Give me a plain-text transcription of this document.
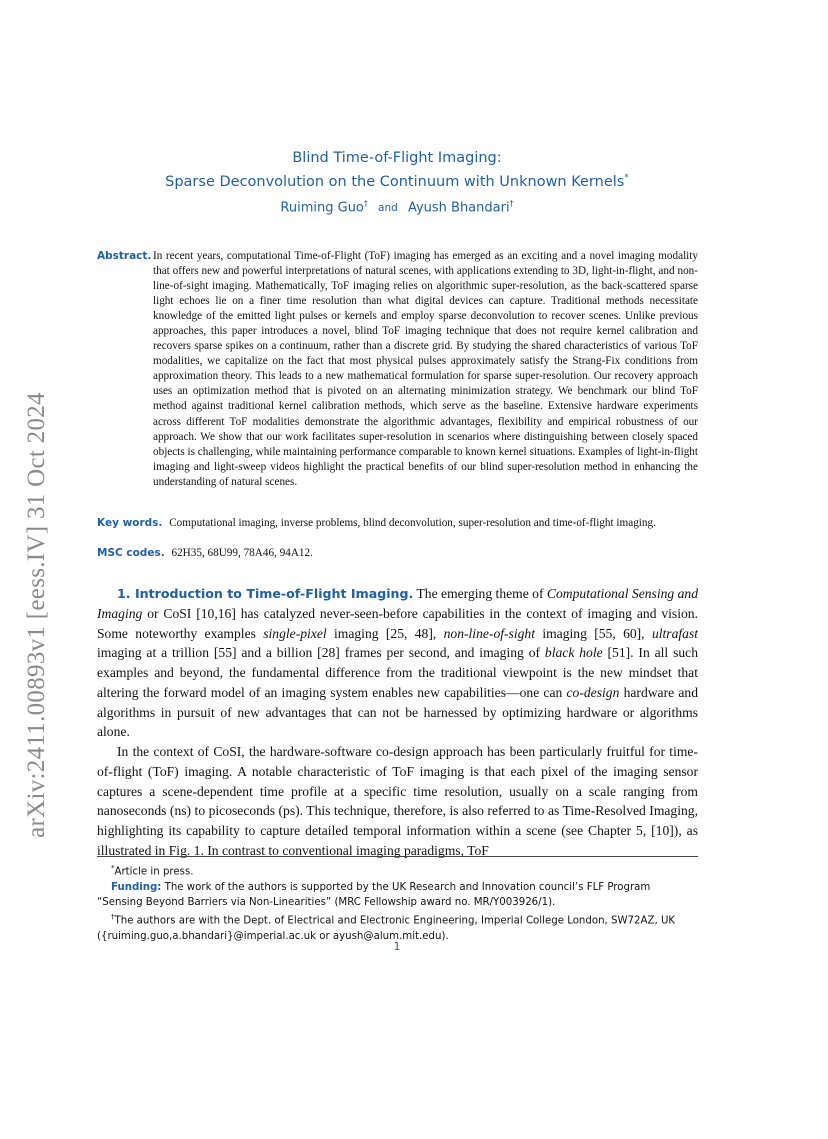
arXiv:2411.00893v1 [eess.IV] 31 Oct 2024
Blind Time-of-Flight Imaging:
Sparse Deconvolution on the Continuum with Unknown Kernels*
Ruiming Guo† and Ayush Bhandari†
Abstract. In recent years, computational Time-of-Flight (ToF) imaging has emerged as an exciting and a novel imaging modality that offers new and powerful interpretations of natural scenes, with applications extending to 3D, light-in-flight, and non-line-of-sight imaging. Mathematically, ToF imaging relies on algorithmic super-resolution, as the back-scattered sparse light echoes lie on a finer time resolution than what digital devices can capture. Traditional methods necessitate knowledge of the emitted light pulses or kernels and employ sparse deconvolution to recover scenes. Unlike previous approaches, this paper introduces a novel, blind ToF imaging technique that does not require kernel calibration and recovers sparse spikes on a continuum, rather than a discrete grid. By studying the shared characteristics of various ToF modalities, we capitalize on the fact that most physical pulses approximately satisfy the Strang-Fix conditions from approximation theory. This leads to a new mathematical formulation for sparse super-resolution. Our recovery approach uses an optimization method that is pivoted on an alternating minimization strategy. We benchmark our blind ToF method against traditional kernel calibration methods, which serve as the baseline. Extensive hardware experiments across different ToF modalities demonstrate the algorithmic advantages, flexibility and empirical robustness of our approach. We show that our work facilitates super-resolution in scenarios where distinguishing between closely spaced objects is challenging, while maintaining performance comparable to known kernel situations. Examples of light-in-flight imaging and light-sweep videos highlight the practical benefits of our blind super-resolution method in enhancing the understanding of natural scenes.
Key words. Computational imaging, inverse problems, blind deconvolution, super-resolution and time-of-flight imaging.
MSC codes. 62H35, 68U99, 78A46, 94A12.

1. Introduction to Time-of-Flight Imaging. The emerging theme of Computational Sensing and Imaging or CoSI [10,16] has catalyzed never-seen-before capabilities in the context of imaging and vision. Some noteworthy examples single-pixel imaging [25, 48], non-line-of-sight imaging [55, 60], ultrafast imaging at a trillion [55] and a billion [28] frames per second, and imaging of black hole [51]. In all such examples and beyond, the fundamental difference from the traditional viewpoint is the new mindset that altering the forward model of an imaging system enables new capabilities—one can co-design hardware and algorithms in pursuit of new advantages that can not be harnessed by optimizing hardware or algorithms alone.

In the context of CoSI, the hardware-software co-design approach has been particularly fruitful for time-of-flight (ToF) imaging. A notable characteristic of ToF imaging is that each pixel of the imaging sensor captures a scene-dependent time profile at a specific time resolution, usually on a scale ranging from nanoseconds (ns) to picoseconds (ps). This technique, therefore, is also referred to as Time-Resolved Imaging, highlighting its capability to capture detailed temporal information within a scene (see Chapter 5, [10]), as illustrated in Fig. 1. In contrast to conventional imaging paradigms, ToF

*Article in press.

Funding: The work of the authors is supported by the UK Research and Innovation council’s FLF Program “Sensing Beyond Barriers via Non-Linearities” (MRC Fellowship award no. MR/Y003926/1).

†The authors are with the Dept. of Electrical and Electronic Engineering, Imperial College London, SW72AZ, UK ({ruiming.guo,a.bhandari}@imperial.ac.uk or ayush@alum.mit.edu).

1
